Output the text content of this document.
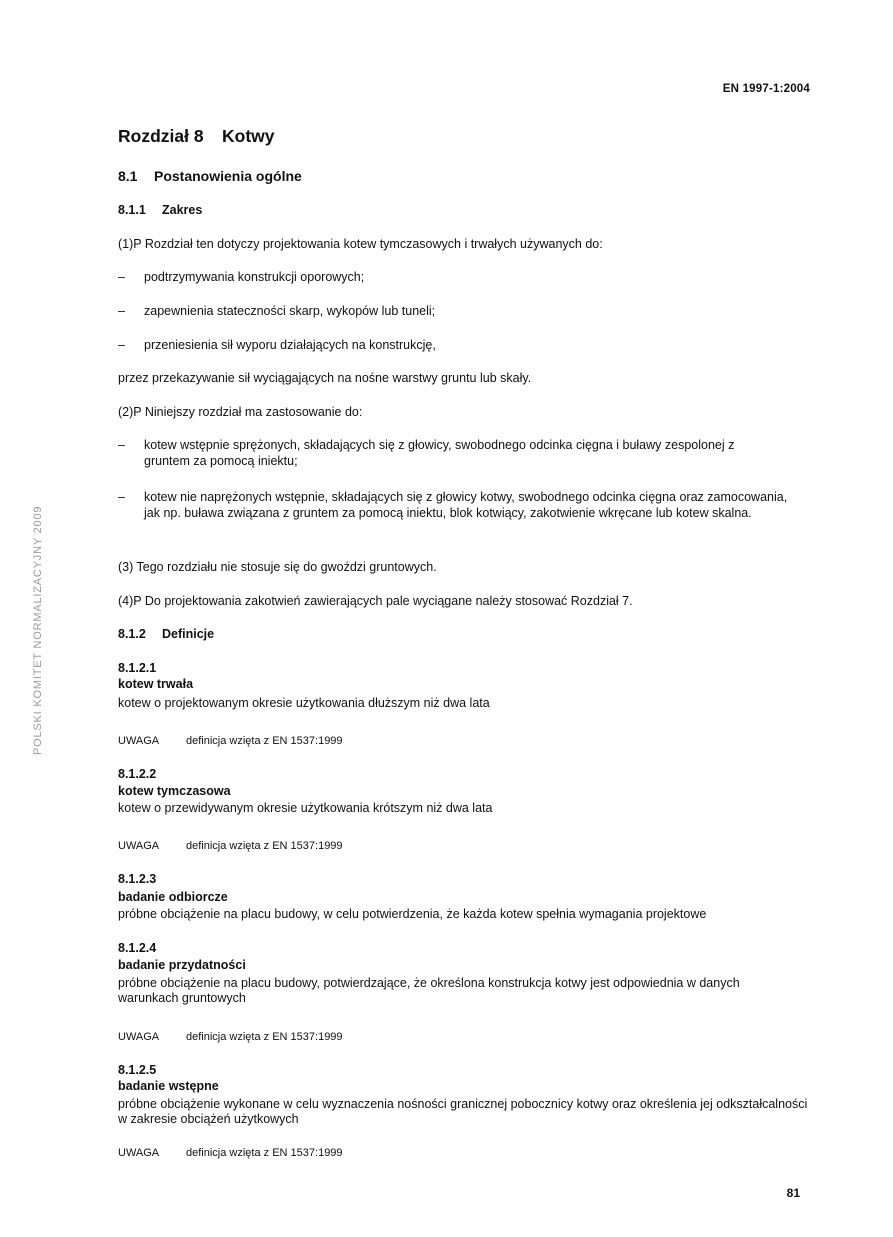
EN 1997-1:2004
POLSKI KOMITET NORMALIZACYJNY 2009
Rozdział 8 Kotwy
8.1 Postanowienia ogólne
8.1.1 Zakres
(1)P Rozdział ten dotyczy projektowania kotew tymczasowych i trwałych używanych do:
– podtrzymywania konstrukcji oporowych;
– zapewnienia stateczności skarp, wykopów lub tuneli;
– przeniesienia sił wyporu działających na konstrukcję,
przez przekazywanie sił wyciągających na nośne warstwy gruntu lub skały.
(2)P Niniejszy rozdział ma zastosowanie do:
– kotew wstępnie sprężonych, składających się z głowicy, swobodnego odcinka cięgna i buławy zespolonej z gruntem za pomocą iniektu;
– kotew nie naprężonych wstępnie, składających się z głowicy kotwy, swobodnego odcinka cięgna oraz zamocowania, jak np. buława związana z gruntem za pomocą iniektu, blok kotwiący, zakotwienie wkręcane lub kotew skalna.
(3) Tego rozdziału nie stosuje się do gwoździ gruntowych.
(4)P Do projektowania zakotwień zawierających pale wyciągane należy stosować Rozdział 7.
8.1.2 Definicje
8.1.2.1
kotew trwała
kotew o projektowanym okresie użytkowania dłuższym niż dwa lata
UWAGA definicja wzięta z EN 1537:1999
8.1.2.2
kotew tymczasowa
kotew o przewidywanym okresie użytkowania krótszym niż dwa lata
UWAGA definicja wzięta z EN 1537:1999
8.1.2.3
badanie odbiorcze
próbne obciążenie na placu budowy, w celu potwierdzenia, że każda kotew spełnia wymagania projektowe
8.1.2.4
badanie przydatności
próbne obciążenie na placu budowy, potwierdzające, że określona konstrukcja kotwy jest odpowiednia w danych warunkach gruntowych
UWAGA definicja wzięta z EN 1537:1999
8.1.2.5
badanie wstępne
próbne obciążenie wykonane w celu wyznaczenia nośności granicznej pobocznicy kotwy oraz określenia jej odkształcalności w zakresie obciążeń użytkowych
UWAGA definicja wzięta z EN 1537:1999
81
